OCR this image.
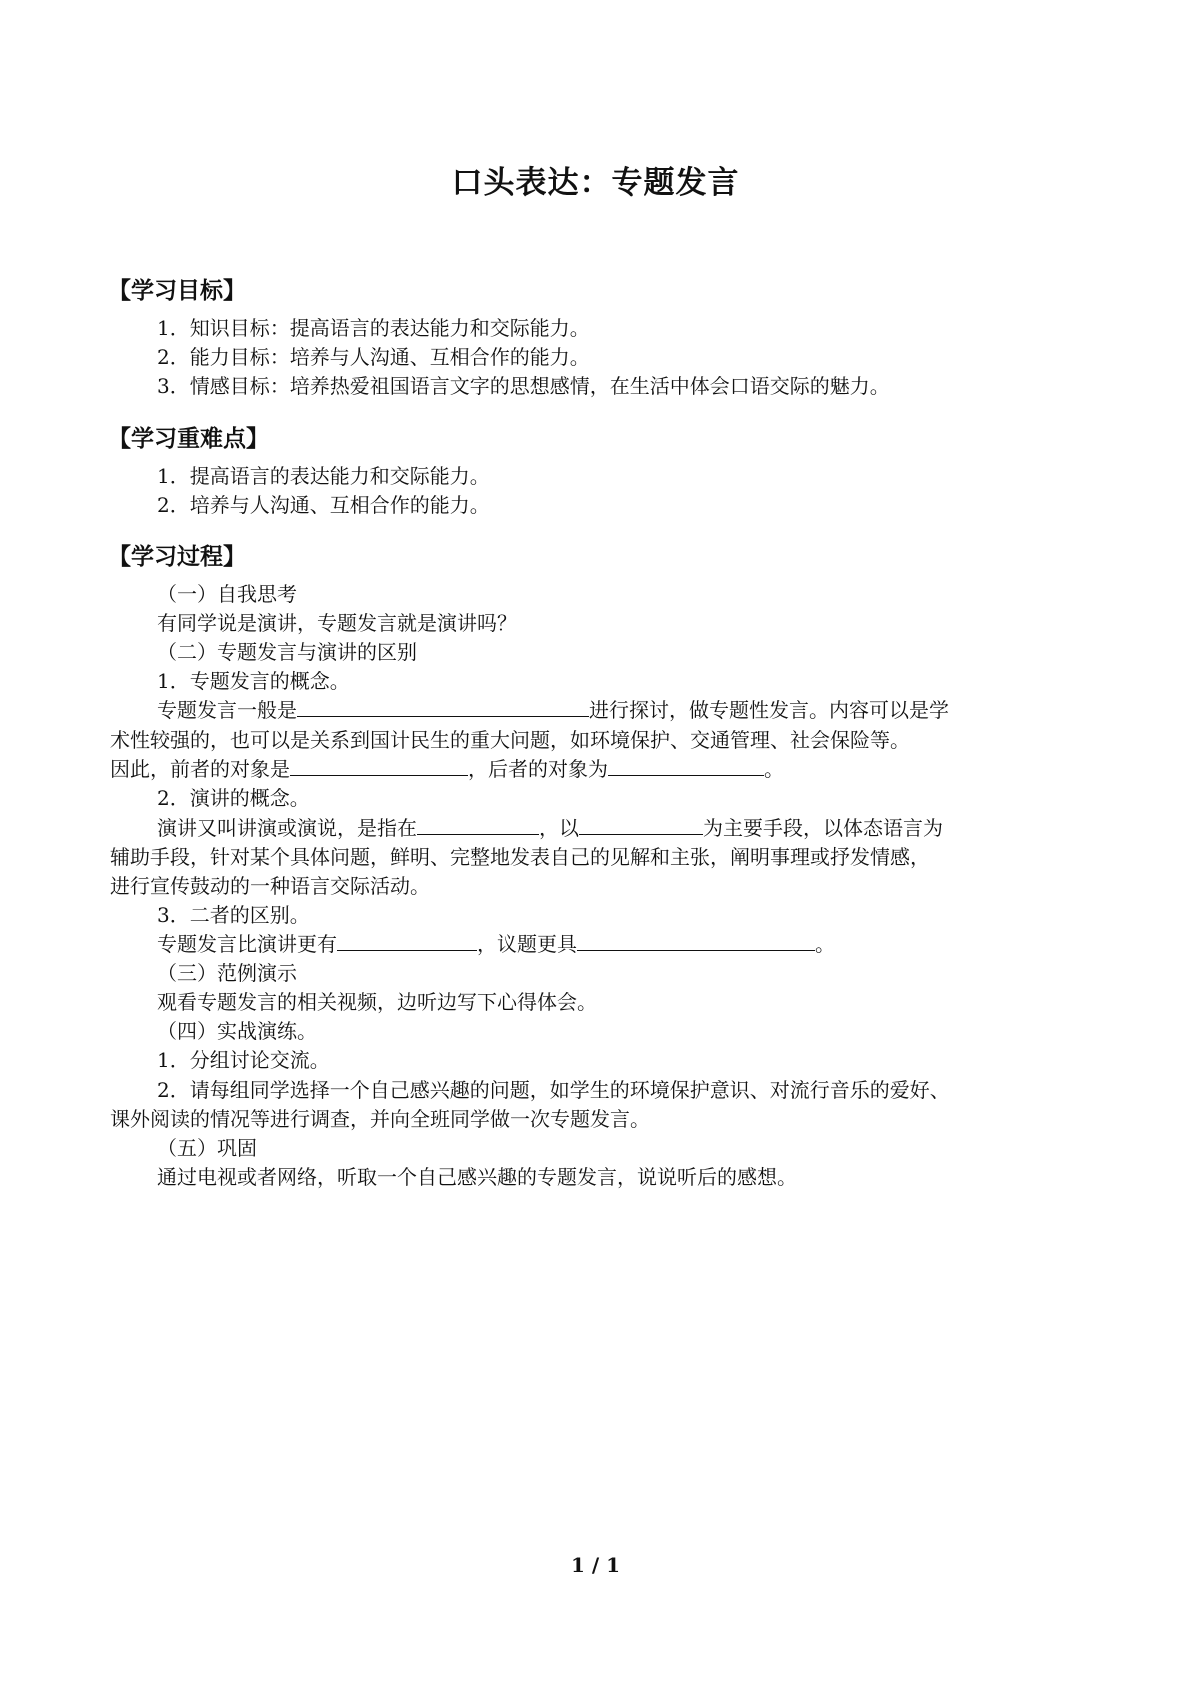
口头表达：专题发言
【学习目标】
1．知识目标：提高语言的表达能力和交际能力。
2．能力目标：培养与人沟通、互相合作的能力。
3．情感目标：培养热爱祖国语言文字的思想感情，在生活中体会口语交际的魅力。
【学习重难点】
1．提高语言的表达能力和交际能力。
2．培养与人沟通、互相合作的能力。
【学习过程】
（一）自我思考
有同学说是演讲，专题发言就是演讲吗？
（二）专题发言与演讲的区别
1．专题发言的概念。
专题发言一般是	进行探讨，做专题性发言。内容可以是学
术性较强的，也可以是关系到国计民生的重大问题，如环境保护、交通管理、社会保险等。
因此，前者的对象是	，后者的对象为	。
2．演讲的概念。
演讲又叫讲演或演说，是指在	，以	为主要手段，以体态语言为
辅助手段，针对某个具体问题，鲜明、完整地发表自己的见解和主张，阐明事理或抒发情感，
进行宣传鼓动的一种语言交际活动。
3．二者的区别。
专题发言比演讲更有	，议题更具	。
（三）范例演示
观看专题发言的相关视频，边听边写下心得体会。
（四）实战演练。
1．分组讨论交流。
2．请每组同学选择一个自己感兴趣的问题，如学生的环境保护意识、对流行音乐的爱好、
课外阅读的情况等进行调查，并向全班同学做一次专题发言。
（五）巩固
通过电视或者网络，听取一个自己感兴趣的专题发言，说说听后的感想。
1 / 1
